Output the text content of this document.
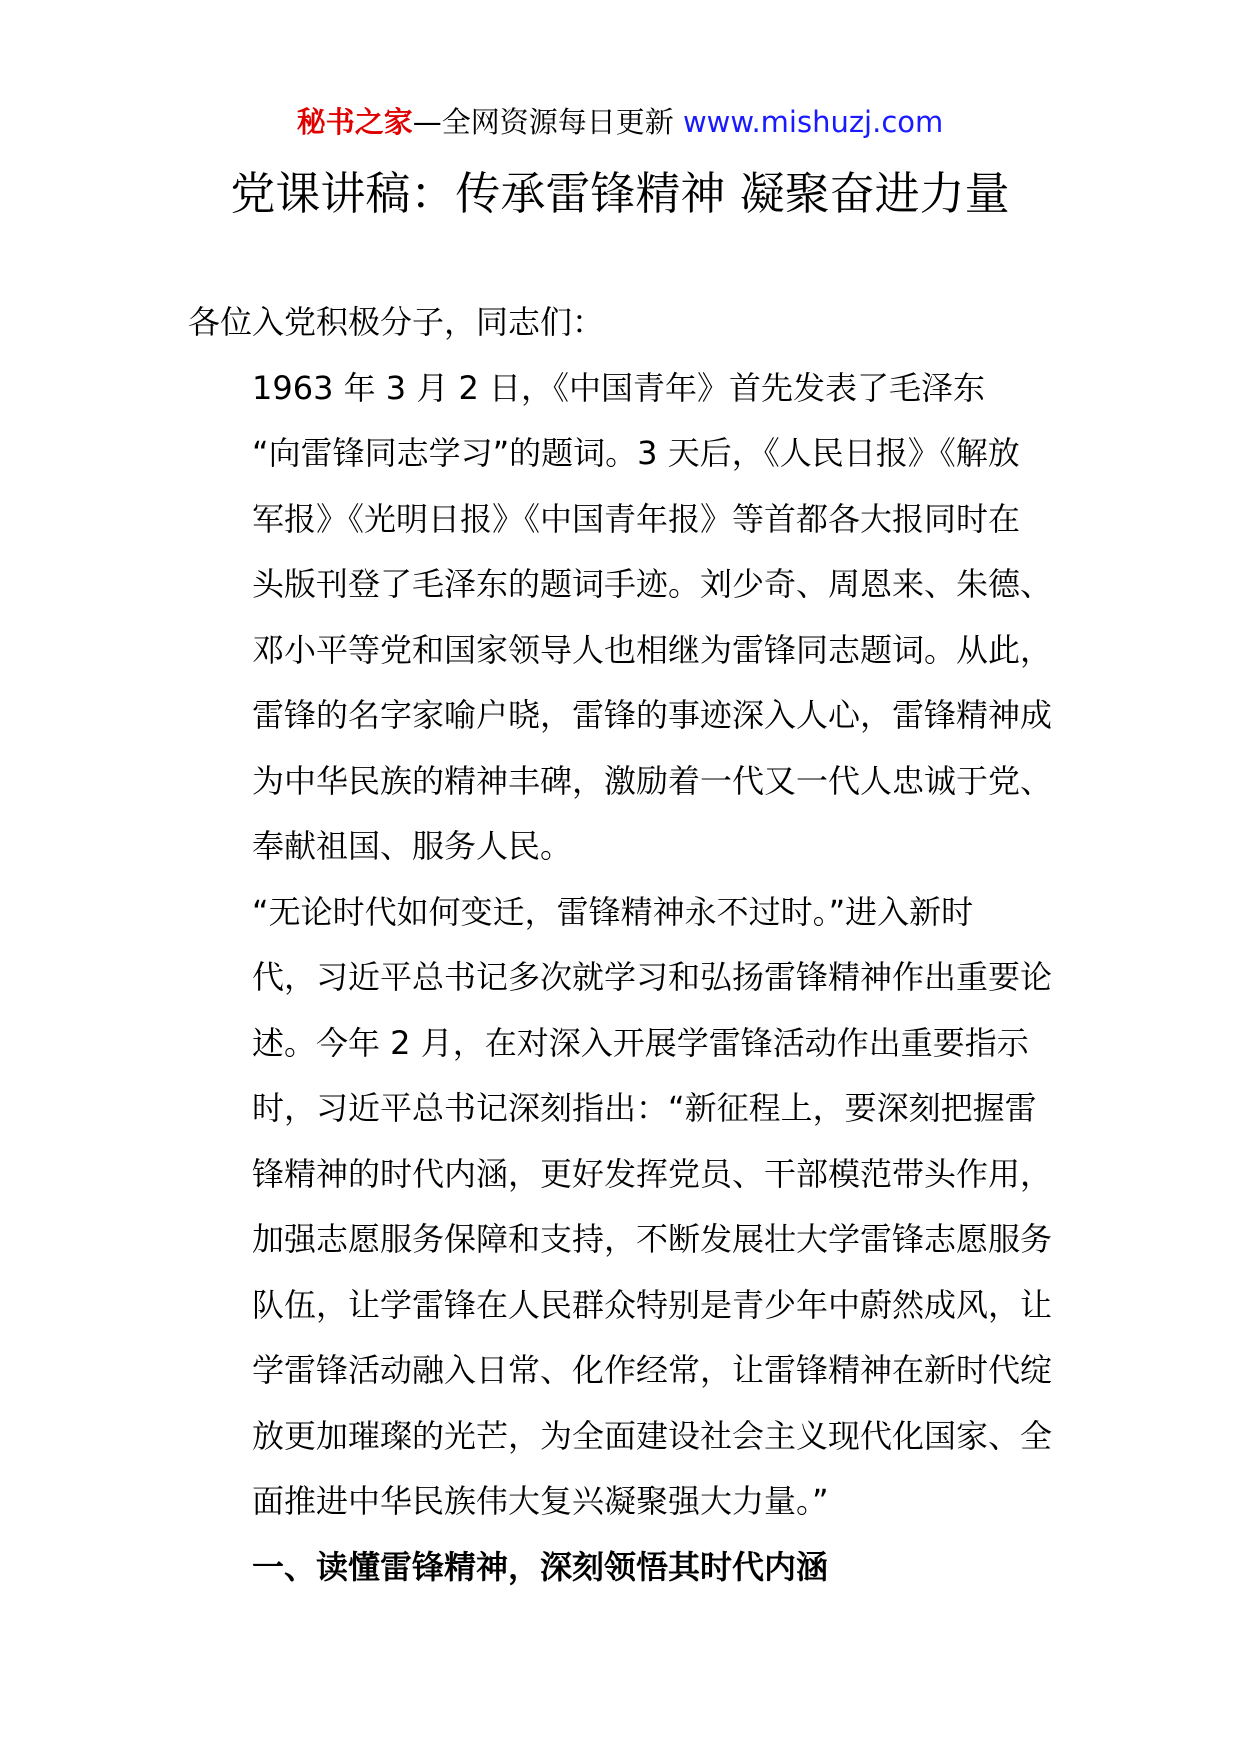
秘书之家—全网资源每日更新 www.mishuzj.com
党课讲稿：传承雷锋精神 凝聚奋进力量

各位入党积极分子，同志们：

1963 年 3 月 2 日，《中国青年》首先发表了毛泽东
“向雷锋同志学习”的题词。3 天后，《人民日报》《解放
军报》《光明日报》《中国青年报》等首都各大报同时在
头版刊登了毛泽东的题词手迹。刘少奇、周恩来、朱德、
邓小平等党和国家领导人也相继为雷锋同志题词。从此，
雷锋的名字家喻户晓，雷锋的事迹深入人心，雷锋精神成
为中华民族的精神丰碑，激励着一代又一代人忠诚于党、
奉献祖国、服务人民。

“无论时代如何变迁，雷锋精神永不过时。”进入新时
代，习近平总书记多次就学习和弘扬雷锋精神作出重要论
述。今年 2 月，在对深入开展学雷锋活动作出重要指示
时，习近平总书记深刻指出：“新征程上，要深刻把握雷
锋精神的时代内涵，更好发挥党员、干部模范带头作用，
加强志愿服务保障和支持，不断发展壮大学雷锋志愿服务
队伍，让学雷锋在人民群众特别是青少年中蔚然成风，让
学雷锋活动融入日常、化作经常，让雷锋精神在新时代绽
放更加璀璨的光芒，为全面建设社会主义现代化国家、全
面推进中华民族伟大复兴凝聚强大力量。”

一、读懂雷锋精神，深刻领悟其时代内涵
